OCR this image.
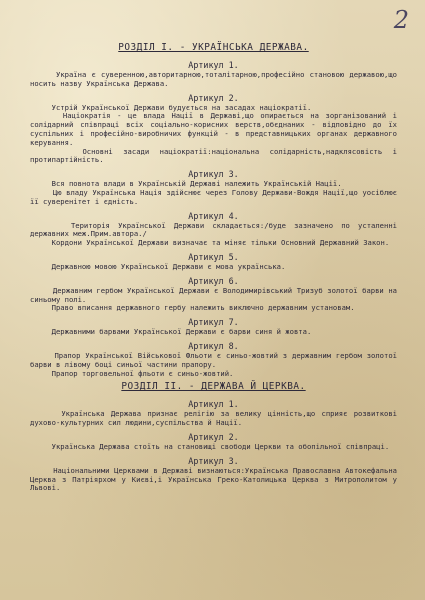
2
РОЗДІЛ І. - УКРАЇНСЬКА ДЕРЖАВА.
Артикул 1.

Україна є суверенною,авторитарною,тоталітарною,професійно становою державою,що носить назву Українська Держава.

Артикул 2.

Устрій Української Держави будується на засадах націократії.

Націократія - це влада Нації в Державі,що опирається на зорганізований і солідарний співпраці всіх соціально-корисних верств,обєднаних - відповідно до їх суспільних і професійно-виробничих функцій - в представницьких органах державного керування.

Основні засади націократії:національна солідарність,надклясовість і протипартійність.

Артикул 3.

Вся повнота влади в Українській Державі належить Українській Нації.

Цю владу Українська Нація здійснює через Голову Держави-Вождя Нації,що уосіблює її суверенітет і єдність.

Артикул 4.

Територія Української Держави складається:/буде зазначено по усталенні державних меж.Прим.автора./

Кордони Української Держави визначає та міняє тільки Основний Державний Закон.

Артикул 5.

Державною мовою Української Держави є мова українська.

Артикул 6.

Державним гербом Української Держави є Володимирівський Тризуб золотої барви на синьому полі.

Право вписання державного гербу належить виключно державним установам.

Артикул 7.

Державними барвами Української Держави є барви синя й жовта.

Артикул 8.

Прапор Української Військової Фльоти є синьо-жовтий з державним гербом золотої барви в лівому боці синьої частини прапору.

Прапор торговельної фльоти є синьо-жовтий.

РОЗДІЛ ІІ. - ДЕРЖАВА Й ЦЕРКВА.
Артикул 1.

Українська Держава признає релігію за велику цінність,що сприяє розвиткові духово-культурних сил людини,суспільства й Нації.

Артикул 2.

Українська Держава стоїть на становищі свободи Церкви та обопільної співпраці.

Артикул 3.

Національними Церквами в Державі визнаються:Українська Православна Автокефальна Церква з Патріярхом у Києві,і Українська Греко-Католицька Церква з Митрополитом у Львові.
